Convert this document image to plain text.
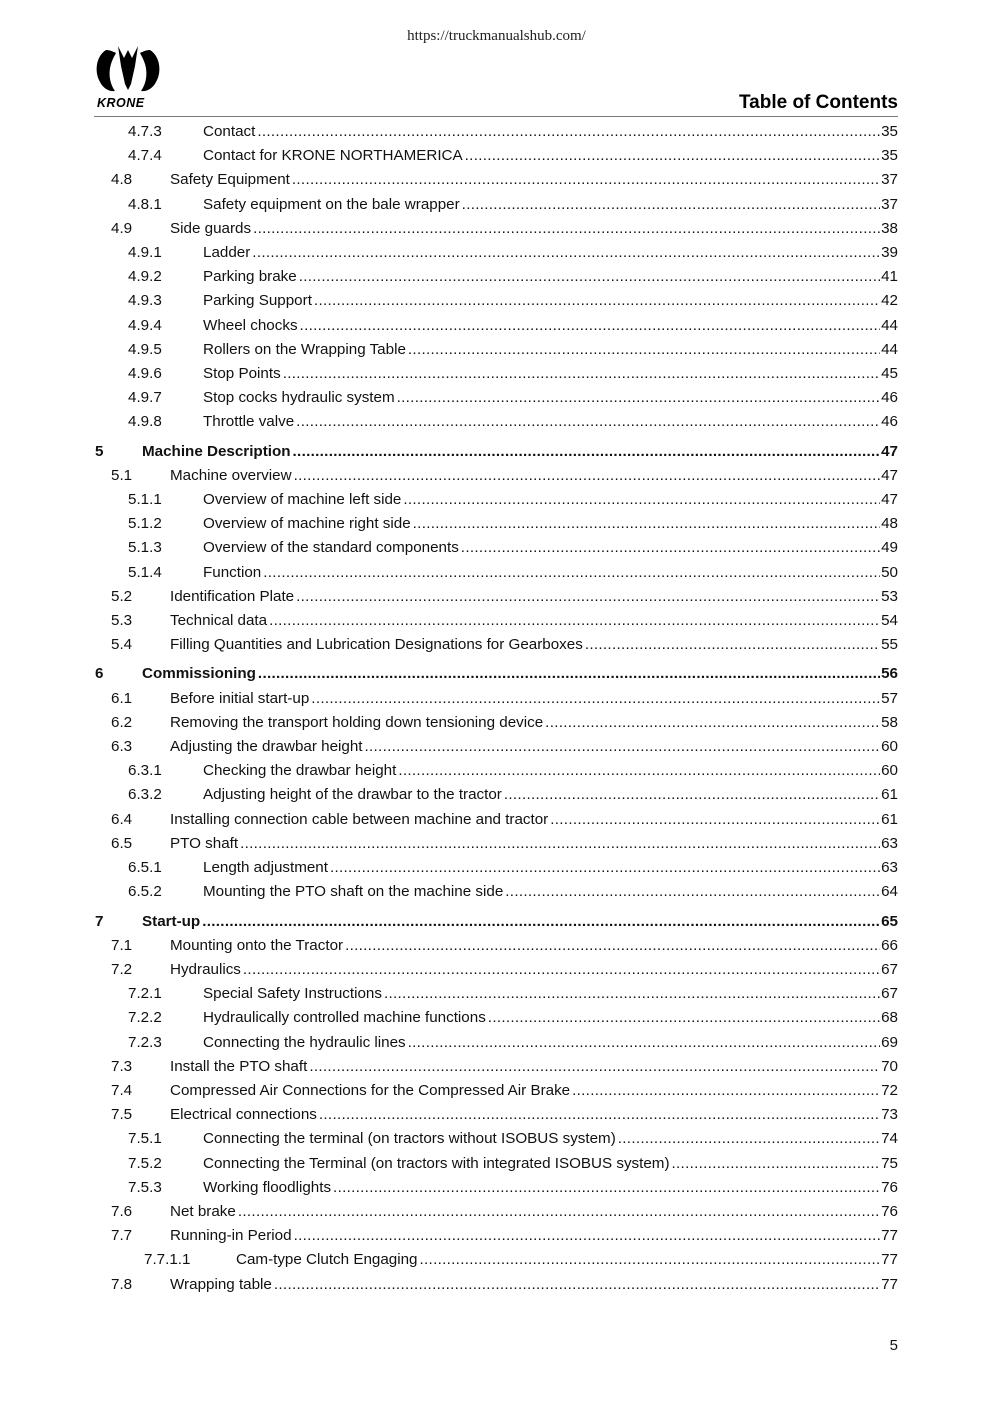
https://truckmanualshub.com/
KRONE	Table of Contents
4.7.3	Contact .....	35
4.7.4	Contact for KRONE NORTHAMERICA .....	35
4.8	Safety Equipment .....	37
4.8.1	Safety equipment on the bale wrapper .....	37
4.9	Side guards .....	38
4.9.1	Ladder .....	39
4.9.2	Parking brake .....	41
4.9.3	Parking Support .....	42
4.9.4	Wheel chocks .....	44
4.9.5	Rollers on the Wrapping Table .....	44
4.9.6	Stop Points .....	45
4.9.7	Stop cocks hydraulic system .....	46
4.9.8	Throttle valve .....	46
5	Machine Description .....	47
5.1	Machine overview .....	47
5.1.1	Overview of machine left side .....	47
5.1.2	Overview of machine right side .....	48
5.1.3	Overview of the standard components .....	49
5.1.4	Function .....	50
5.2	Identification Plate .....	53
5.3	Technical data .....	54
5.4	Filling Quantities and Lubrication Designations for Gearboxes .....	55
6	Commissioning .....	56
6.1	Before initial start-up .....	57
6.2	Removing the transport holding down tensioning device .....	58
6.3	Adjusting the drawbar height .....	60
6.3.1	Checking the drawbar height .....	60
6.3.2	Adjusting height of the drawbar to the tractor .....	61
6.4	Installing connection cable between machine and tractor .....	61
6.5	PTO shaft .....	63
6.5.1	Length adjustment .....	63
6.5.2	Mounting the PTO shaft on the machine side .....	64
7	Start-up .....	65
7.1	Mounting onto the Tractor .....	66
7.2	Hydraulics .....	67
7.2.1	Special Safety Instructions .....	67
7.2.2	Hydraulically controlled machine functions .....	68
7.2.3	Connecting the hydraulic lines .....	69
7.3	Install the PTO shaft .....	70
7.4	Compressed Air Connections for the Compressed Air Brake .....	72
7.5	Electrical connections .....	73
7.5.1	Connecting the terminal (on tractors without ISOBUS system) .....	74
7.5.2	Connecting the Terminal (on tractors with integrated ISOBUS system) .....	75
7.5.3	Working floodlights .....	76
7.6	Net brake .....	76
7.7	Running-in Period .....	77
7.7.1.1	Cam-type Clutch Engaging .....	77
7.8	Wrapping table .....	77
5
